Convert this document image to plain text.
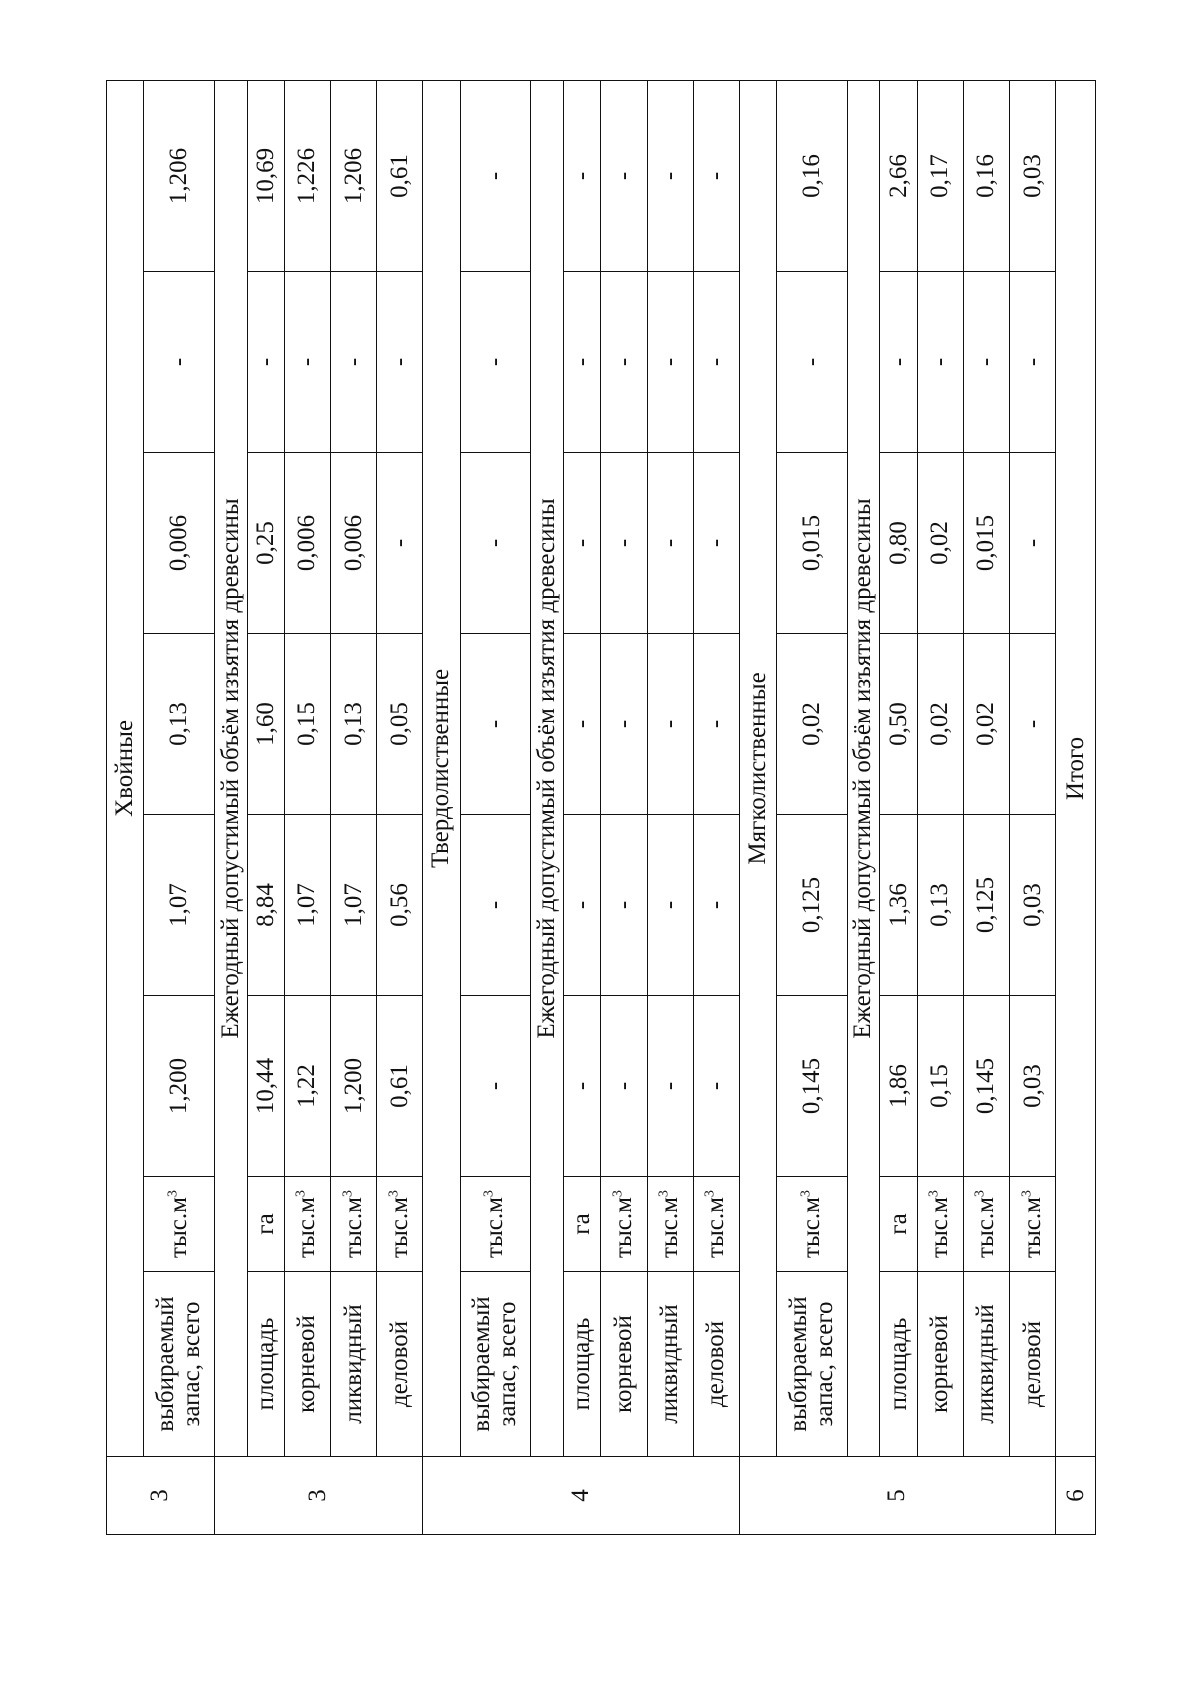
3	Хвойные							
	выбираемый запас, всего	$тыс.м^3$	1,200	1,07	0,13	0,006	-	1,206
3	Ежегодный допустимый объём изъятия древесины							
	площадь	га	10,44	8,84	1,60	0,25	-	10,69
	корневой	$тыс.м^3$	1,22	1,07	0,15	0,006	-	1,226
	ликвидный	$тыс.м^3$	1,200	1,07	0,13	0,006	-	1,206
	деловой	$тыс.м^3$	0,61	0,56	0,05	-	-	0,61
4	Твердолиственные							
	выбираемый запас, всего	$тыс.м^3$	-	-	-	-	-	-
	Ежегодный допустимый объём изъятия древесины							
	площадь	га	-	-	-	-	-	-
	корневой	$тыс.м^3$	-	-	-	-	-	-
	ликвидный	$тыс.м^3$	-	-	-	-	-	-
	деловой	$тыс.м^3$	-	-	-	-	-	-
5	Мягколиственные							
	выбираемый запас, всего	$тыс.м^3$	0,145	0,125	0,02	0,015	-	0,16
	Ежегодный допустимый объём изъятия древесины							
	площадь	га	1,86	1,36	0,50	0,80	-	2,66
	корневой	$тыс.м^3$	0,15	0,13	0,02	0,02	-	0,17
	ликвидный	$тыс.м^3$	0,145	0,125	0,02	0,015	-	0,16
	деловой	$тыс.м^3$	0,03	0,03	-	-	-	0,03
6	Итого							
